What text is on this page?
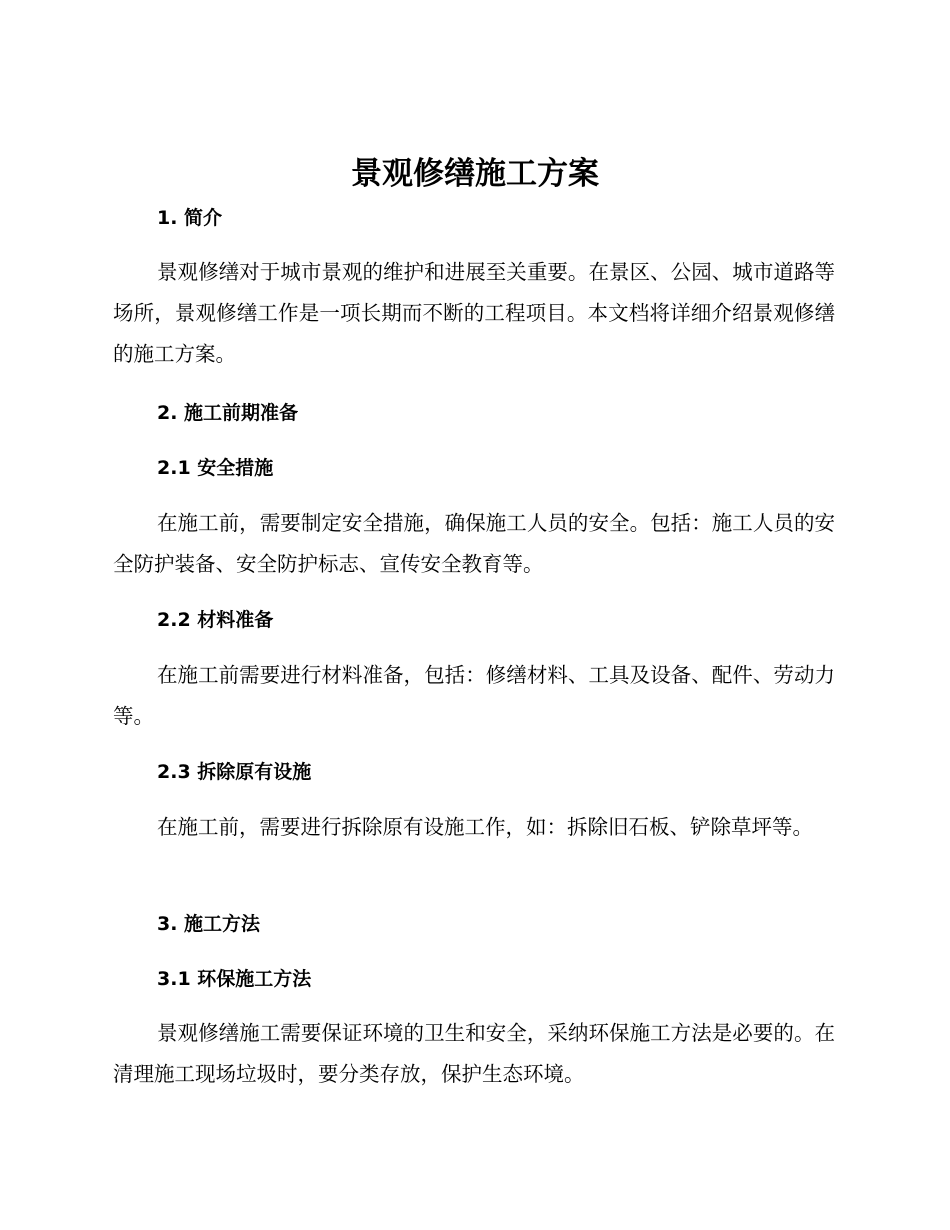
景观修缮施工方案
1. 简介

景观修缮对于城市景观的维护和进展至关重要。在景区、公园、城市道路等场所，景观修缮工作是一项长期而不断的工程项目。本文档将详细介绍景观修缮的施工方案。

2. 施工前期准备
2.1 安全措施

在施工前，需要制定安全措施，确保施工人员的安全。包括：施工人员的安全防护装备、安全防护标志、宣传安全教育等。

2.2 材料准备

在施工前需要进行材料准备，包括：修缮材料、工具及设备、配件、劳动力等。

2.3 拆除原有设施

在施工前，需要进行拆除原有设施工作，如：拆除旧石板、铲除草坪等。

3. 施工方法
3.1 环保施工方法

景观修缮施工需要保证环境的卫生和安全，采纳环保施工方法是必要的。在清理施工现场垃圾时，要分类存放，保护生态环境。
